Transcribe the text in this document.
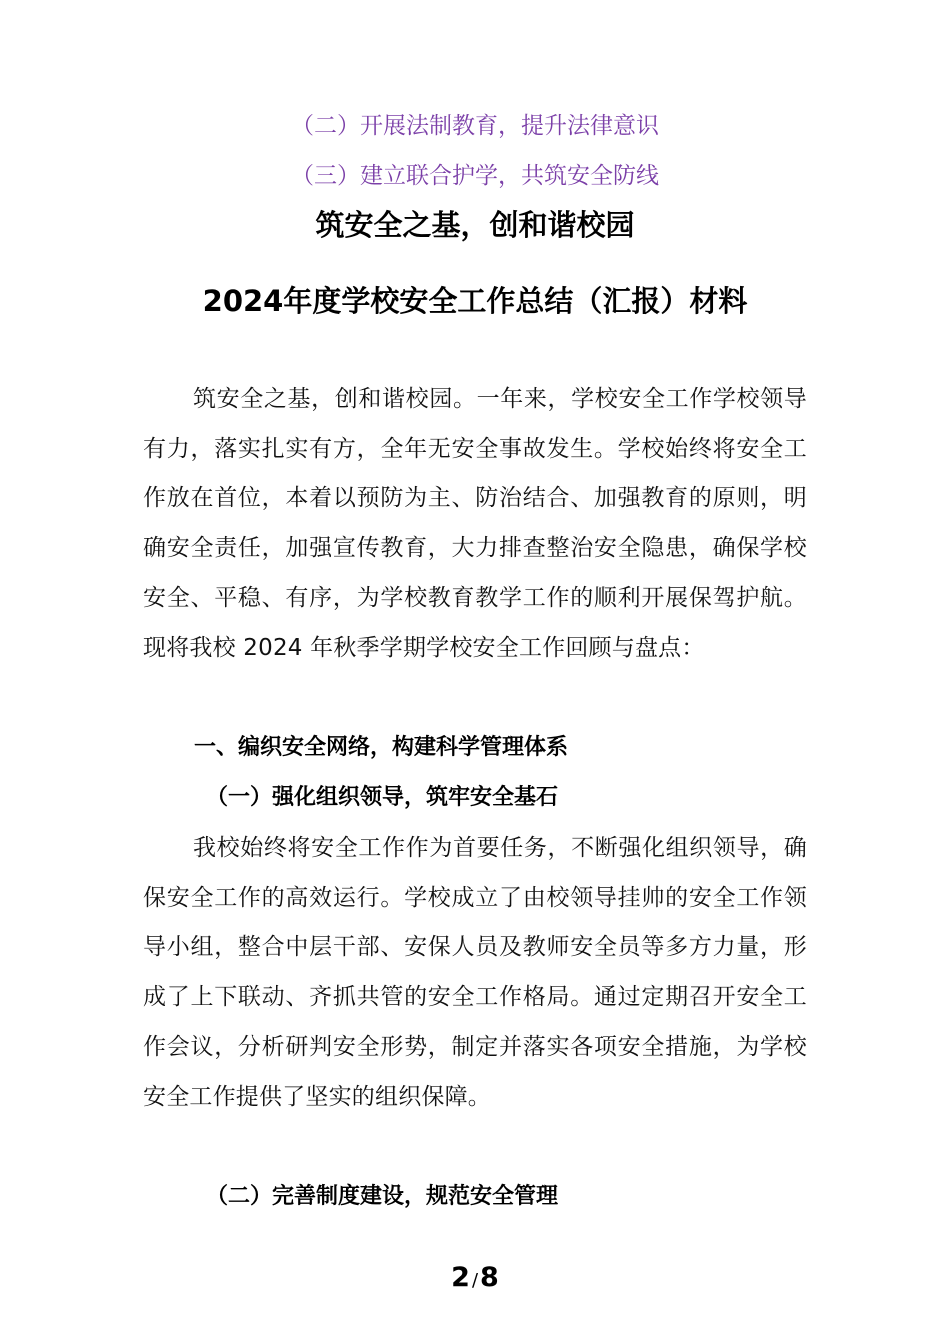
（二）开展法制教育，提升法律意识
（三）建立联合护学，共筑安全防线
筑安全之基，创和谐校园
2024年度学校安全工作总结（汇报）材料
筑安全之基，创和谐校园。一年来，学校安全工作学校领导有力，落实扎实有方，全年无安全事故发生。学校始终将安全工作放在首位，本着以预防为主、防治结合、加强教育的原则，明确安全责任，加强宣传教育，大力排查整治安全隐患，确保学校安全、平稳、有序，为学校教育教学工作的顺利开展保驾护航。现将我校 2024 年秋季学期学校安全工作回顾与盘点：
一、编织安全网络，构建科学管理体系
（一）强化组织领导，筑牢安全基石
我校始终将安全工作作为首要任务，不断强化组织领导，确保安全工作的高效运行。学校成立了由校领导挂帅的安全工作领导小组，整合中层干部、安保人员及教师安全员等多方力量，形成了上下联动、齐抓共管的安全工作格局。通过定期召开安全工作会议，分析研判安全形势，制定并落实各项安全措施，为学校安全工作提供了坚实的组织保障。
（二）完善制度建设，规范安全管理
2 /8
